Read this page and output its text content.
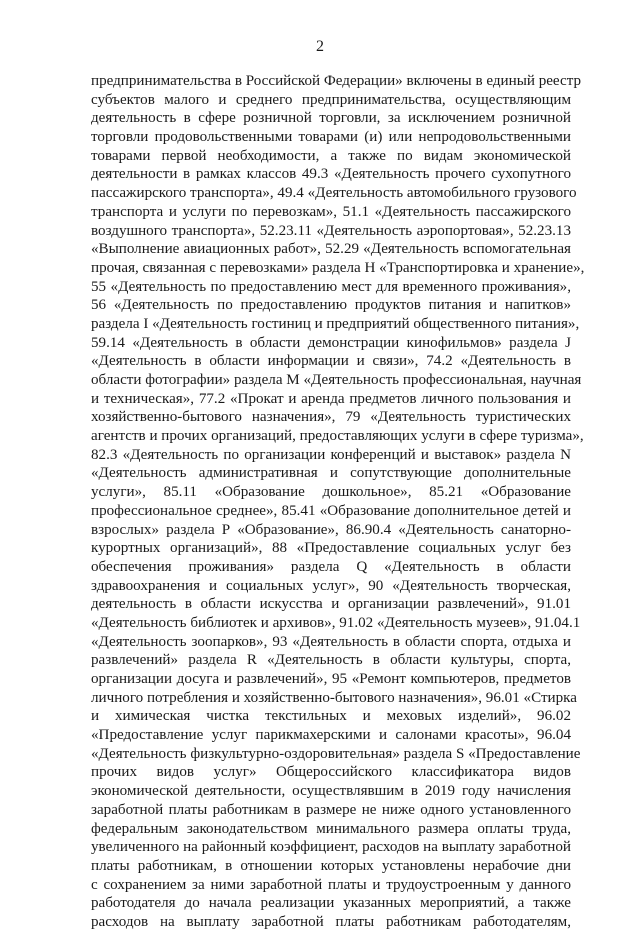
2
предпринимательства в Российской Федерации» включены в единый реестр
субъектов малого и среднего предпринимательства, осуществляющим
деятельность в сфере розничной торговли, за исключением розничной
торговли продовольственными товарами (и) или непродовольственными
товарами первой необходимости, а также по видам экономической
деятельности в рамках классов 49.3 «Деятельность прочего сухопутного
пассажирского транспорта», 49.4 «Деятельность автомобильного грузового
транспорта и услуги по перевозкам», 51.1 «Деятельность пассажирского
воздушного транспорта», 52.23.11 «Деятельность аэропортовая», 52.23.13
«Выполнение авиационных работ», 52.29 «Деятельность вспомогательная
прочая, связанная с перевозками» раздела Н «Транспортировка и хранение»,
55 «Деятельность по предоставлению мест для временного проживания»,
56 «Деятельность по предоставлению продуктов питания и напитков»
раздела I «Деятельность гостиниц и предприятий общественного питания»,
59.14 «Деятельность в области демонстрации кинофильмов» раздела J
«Деятельность в области информации и связи», 74.2 «Деятельность в
области фотографии» раздела М «Деятельность профессиональная, научная
и техническая», 77.2 «Прокат и аренда предметов личного пользования и
хозяйственно-бытового назначения», 79 «Деятельность туристических
агентств и прочих организаций, предоставляющих услуги в сфере туризма»,
82.3 «Деятельность по организации конференций и выставок» раздела N
«Деятельность административная и сопутствующие дополнительные
услуги», 85.11 «Образование дошкольное», 85.21 «Образование
профессиональное среднее», 85.41 «Образование дополнительное детей и
взрослых» раздела Р «Образование», 86.90.4 «Деятельность санаторно-
курортных организаций», 88 «Предоставление социальных услуг без
обеспечения проживания» раздела Q «Деятельность в области
здравоохранения и социальных услуг», 90 «Деятельность творческая,
деятельность в области искусства и организации развлечений», 91.01
«Деятельность библиотек и архивов», 91.02 «Деятельность музеев», 91.04.1
«Деятельность зоопарков», 93 «Деятельность в области спорта, отдыха и
развлечений» раздела R «Деятельность в области культуры, спорта,
организации досуга и развлечений», 95 «Ремонт компьютеров, предметов
личного потребления и хозяйственно-бытового назначения», 96.01 «Стирка
и химическая чистка текстильных и меховых изделий», 96.02
«Предоставление услуг парикмахерскими и салонами красоты», 96.04
«Деятельность физкультурно-оздоровительная» раздела S «Предоставление
прочих видов услуг» Общероссийского классификатора видов
экономической деятельности, осуществлявшим в 2019 году начисления
заработной платы работникам в размере не ниже одного установленного
федеральным законодательством минимального размера оплаты труда,
увеличенного на районный коэффициент, расходов на выплату заработной
платы работникам, в отношении которых установлены нерабочие дни
с сохранением за ними заработной платы и трудоустроенным у данного
работодателя до начала реализации указанных мероприятий, а также
расходов на выплату заработной платы работникам работодателям,
